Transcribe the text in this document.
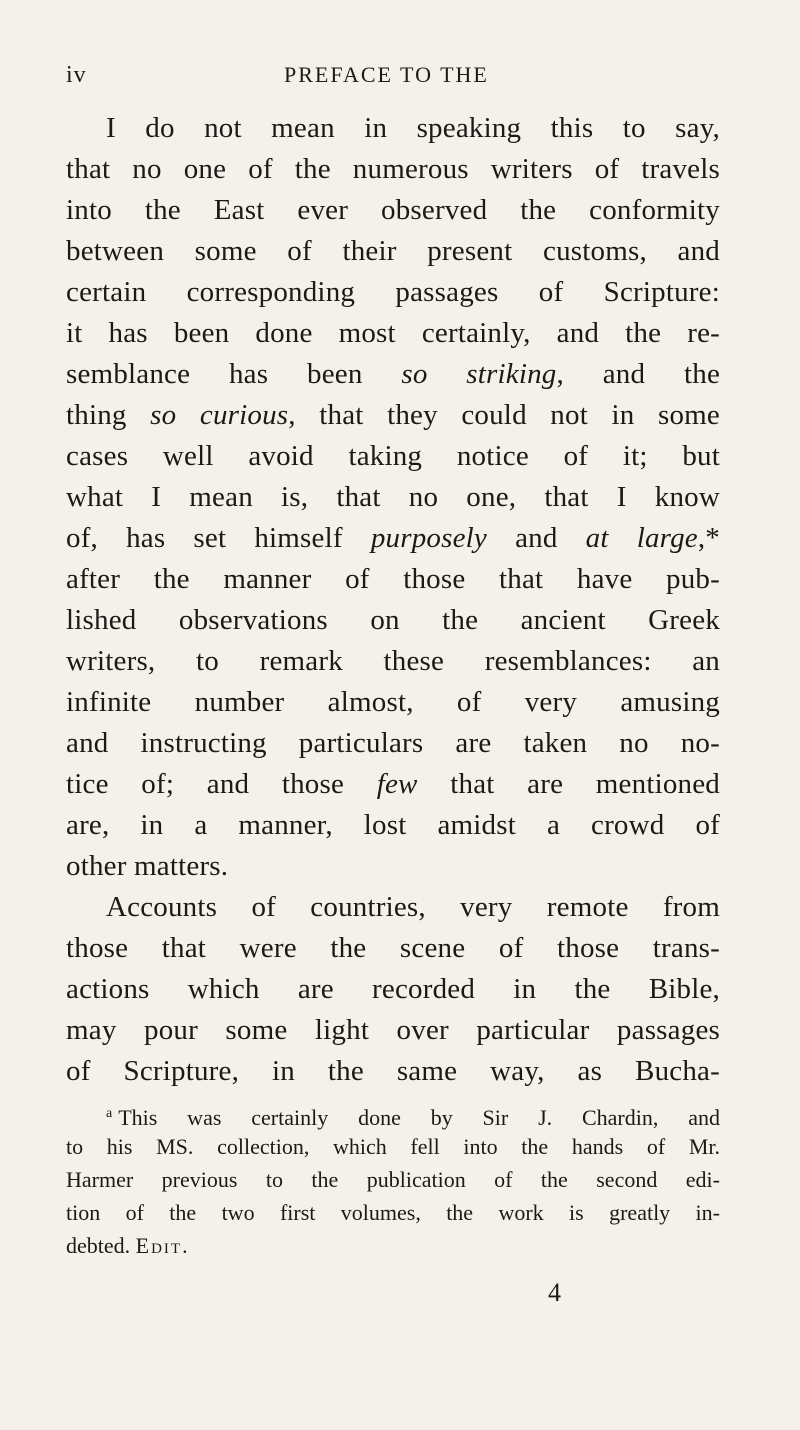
iv	PREFACE TO THE
I do not mean in speaking this to say,
that no one of the numerous writers of travels
into the East ever observed the conformity
between some of their present customs, and
certain corresponding passages of Scripture:
it has been done most certainly, and the re-
semblance has been so striking, and the
thing so curious, that they could not in some
cases well avoid taking notice of it; but
what I mean is, that no one, that I know
of, has set himself purposely and at large,*
after the manner of those that have pub-
lished observations on the ancient Greek
writers, to remark these resemblances: an
infinite number almost, of very amusing
and instructing particulars are taken no no-
tice of; and those few that are mentioned
are, in a manner, lost amidst a crowd of
other matters.
Accounts of countries, very remote from
those that were the scene of those trans-
actions which are recorded in the Bible,
may pour some light over particular passages
of Scripture, in the same way, as Bucha-
$^a$ This was certainly done by Sir J. Chardin, and
to his MS. collection, which fell into the hands of Mr.
Harmer previous to the publication of the second edi-
tion of the two first volumes, the work is greatly in-
debted. Edit.
4
